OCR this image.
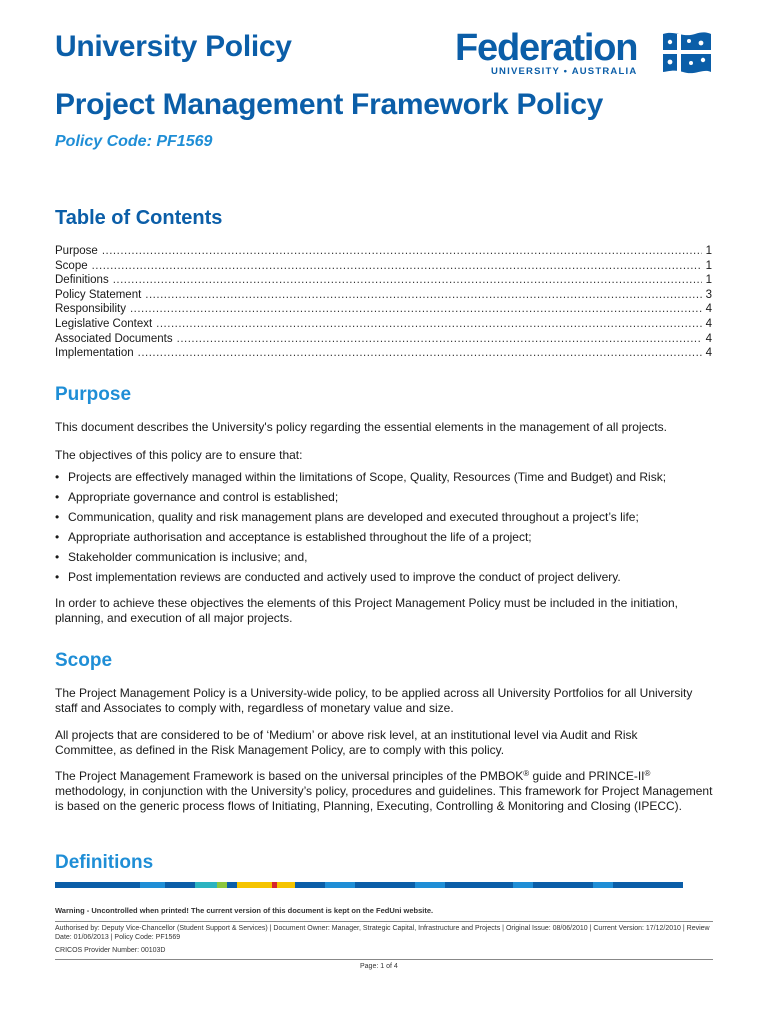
University Policy
Project Management Framework Policy
Policy Code: PF1569
Federation
UNIVERSITY • AUSTRALIA
Table of Contents
Purpose .....	1
Scope .....	1
Definitions .....	1
Policy Statement .....	3
Responsibility .....	4
Legislative Context .....	4
Associated Documents .....	4
Implementation .....	4
Purpose
This document describes the University's policy regarding the essential elements in the management of all projects.
The objectives of this policy are to ensure that:
• Projects are effectively managed within the limitations of Scope, Quality, Resources (Time and Budget) and Risk;
• Appropriate governance and control is established;
• Communication, quality and risk management plans are developed and executed throughout a project’s life;
• Appropriate authorisation and acceptance is established throughout the life of a project;
• Stakeholder communication is inclusive; and,
• Post implementation reviews are conducted and actively used to improve the conduct of project delivery.
In order to achieve these objectives the elements of this Project Management Policy must be included in the initiation, planning, and execution of all major projects.
Scope
The Project Management Policy is a University-wide policy, to be applied across all University Portfolios for all University staff and Associates to comply with, regardless of monetary value and size.
All projects that are considered to be of ‘Medium’ or above risk level, at an institutional level via Audit and Risk Committee, as defined in the Risk Management Policy, are to comply with this policy.
The Project Management Framework is based on the universal principles of the PMBOK® guide and PRINCE-II® methodology, in conjunction with the University’s policy, procedures and guidelines. This framework for Project Management is based on the generic process flows of Initiating, Planning, Executing, Controlling & Monitoring and Closing (IPECC).
Definitions
Warning - Uncontrolled when printed! The current version of this document is kept on the FedUni website.
Authorised by: Deputy Vice-Chancellor (Student Support & Services) | Document Owner: Manager, Strategic Capital, Infrastructure and Projects | Original Issue: 08/06/2010 | Current Version: 17/12/2010 | Review Date: 01/06/2013 | Policy Code: PF1569
CRICOS Provider Number: 00103D
Page: 1 of 4
